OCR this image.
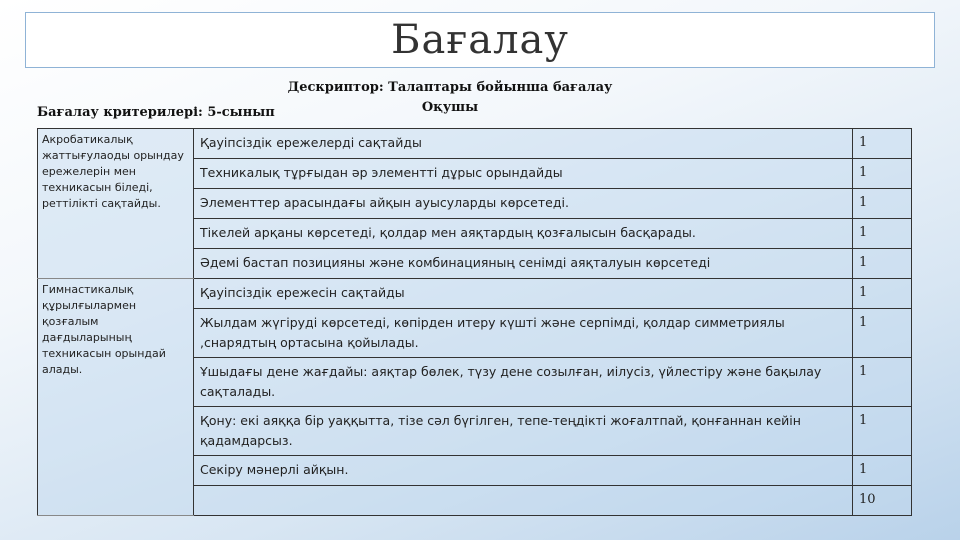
Бағалау
Дескриптор: Талаптары бойынша бағалау
Оқушы
Бағалау критерилері: 5-сынып
Акробатикалық жаттығулаоды орындау ережелерін мен техникасын біледі, реттілікті сақтайды.	Қауіпсіздік ережелерді сақтайды	1
	Техникалық тұрғыдан әр элементті дұрыс орындайды	1
	Элементтер арасындағы айқын ауысуларды көрсетеді.	1
	Тікелей арқаны көрсетеді, қолдар мен аяқтардың қозғалысын басқарады.	1
	Әдемі бастап позицияны және комбинацияның сенімді аяқталуын көрсетеді	1
Гимнастикалық құрылғылармен қозғалым дағдыларының техникасын орындай алады.	Қауіпсіздік ережесін сақтайды	1
	Жылдам жүгіруді көрсетеді, көпірден итеру күшті және серпімді, қолдар симметриялы ,снарядтың ортасына қойылады.	1
	Ұшыдағы дене жағдайы: аяқтар бөлек, түзу дене созылған, иілусіз, үйлестіру және бақылау сақталады.	1
	Қону: екі аяққа бір уаққытта, тізе сәл бүгілген, тепе-теңдікті жоғалтпай, қонғаннан кейін қадамдарсыз.	1
	Секіру мәнерлі айқын.	1
		10
